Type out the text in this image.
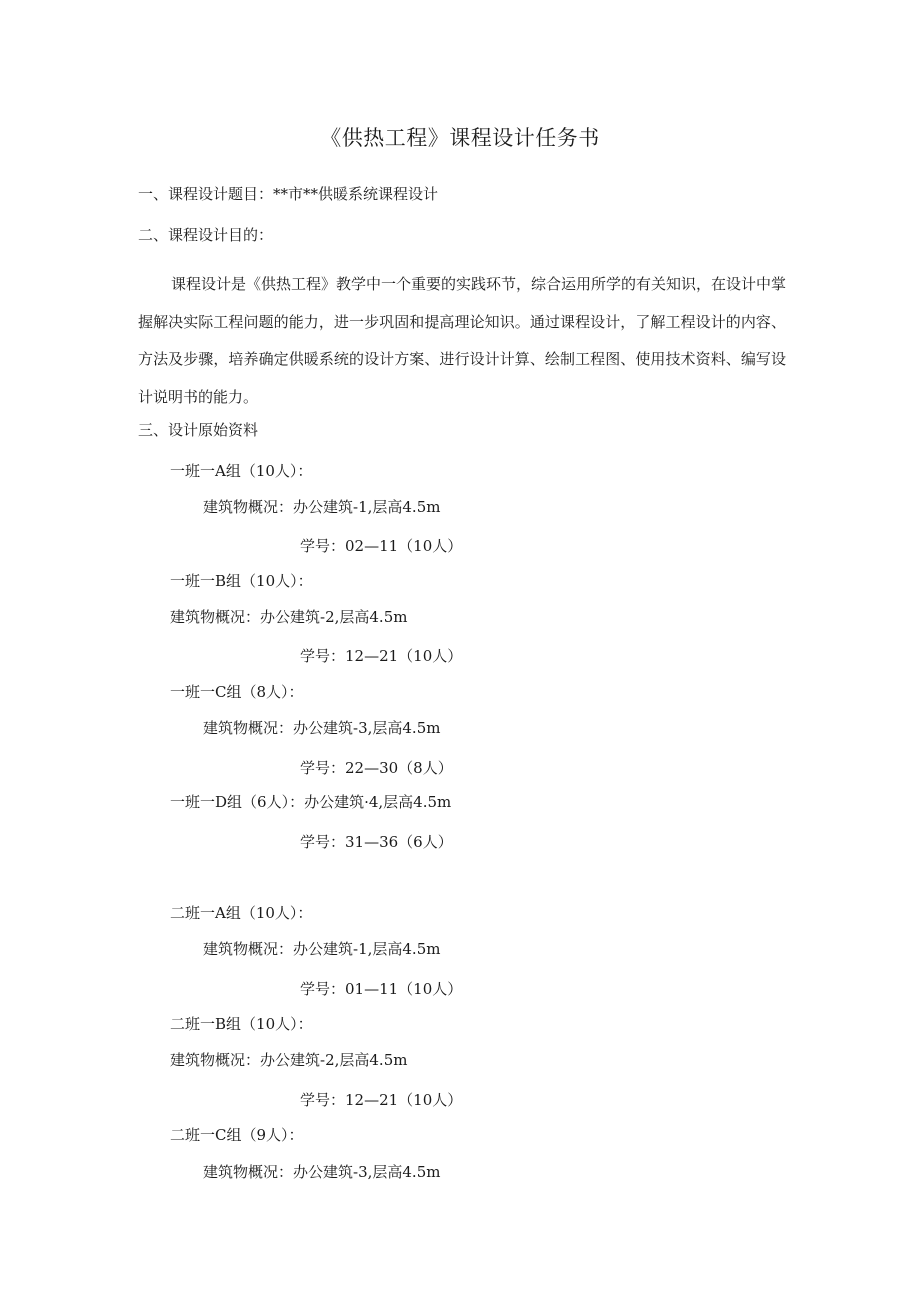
《供热工程》课程设计任务书

一、课程设计题目：**市**供暖系统课程设计

二、课程设计目的：

课程设计是《供热工程》教学中一个重要的实践环节，综合运用所学的有关知识，在设计中掌握解决实际工程问题的能力，进一步巩固和提高理论知识。通过课程设计，了解工程设计的内容、方法及步骤，培养确定供暖系统的设计方案、进行设计计算、绘制工程图、使用技术资料、编写设计说明书的能力。

三、设计原始资料

一班一A组（10人）：

建筑物概况：办公建筑-1,层高4.5m

学号：02—11（10人）

一班一B组（10人）：

建筑物概况：办公建筑-2,层高4.5m

学号：12—21（10人）

一班一C组（8人）：

建筑物概况：办公建筑-3,层高4.5m

学号：22—30（8人）

一班一D组（6人）：办公建筑·4,层高4.5m

学号：31—36（6人）

二班一A组（10人）：

建筑物概况：办公建筑-1,层高4.5m

学号：01—11（10人）

二班一B组（10人）：

建筑物概况：办公建筑-2,层高4.5m

学号：12—21（10人）

二班一C组（9人）：

建筑物概况：办公建筑-3,层高4.5m
